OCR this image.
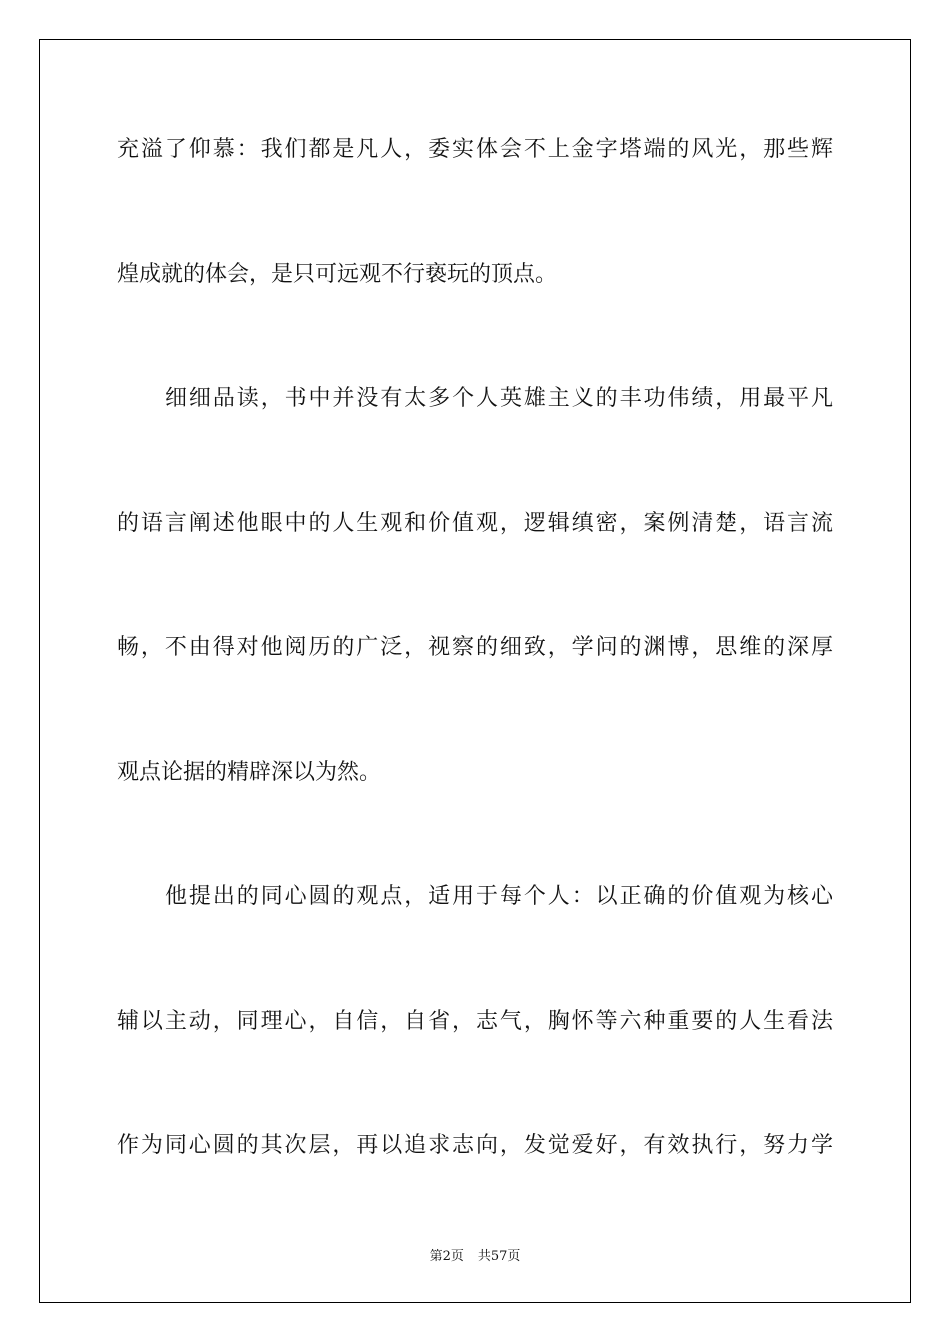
充溢了仰慕：我们都是凡人，委实体会不上金字塔端的风光，那些辉
煌成就的体会，是只可远观不行亵玩的顶点。
细细品读，书中并没有太多个人英雄主义的丰功伟绩，用最平凡
的语言阐述他眼中的人生观和价值观，逻辑缜密，案例清楚，语言流
畅，不由得对他阅历的广泛，视察的细致，学问的渊博，思维的深厚
观点论据的精辟深以为然。
他提出的同心圆的观点，适用于每个人：以正确的价值观为核心
辅以主动，同理心，自信，自省，志气，胸怀等六种重要的人生看法
作为同心圆的其次层，再以追求志向，发觉爱好，有效执行，努力学
第2页 共57页
